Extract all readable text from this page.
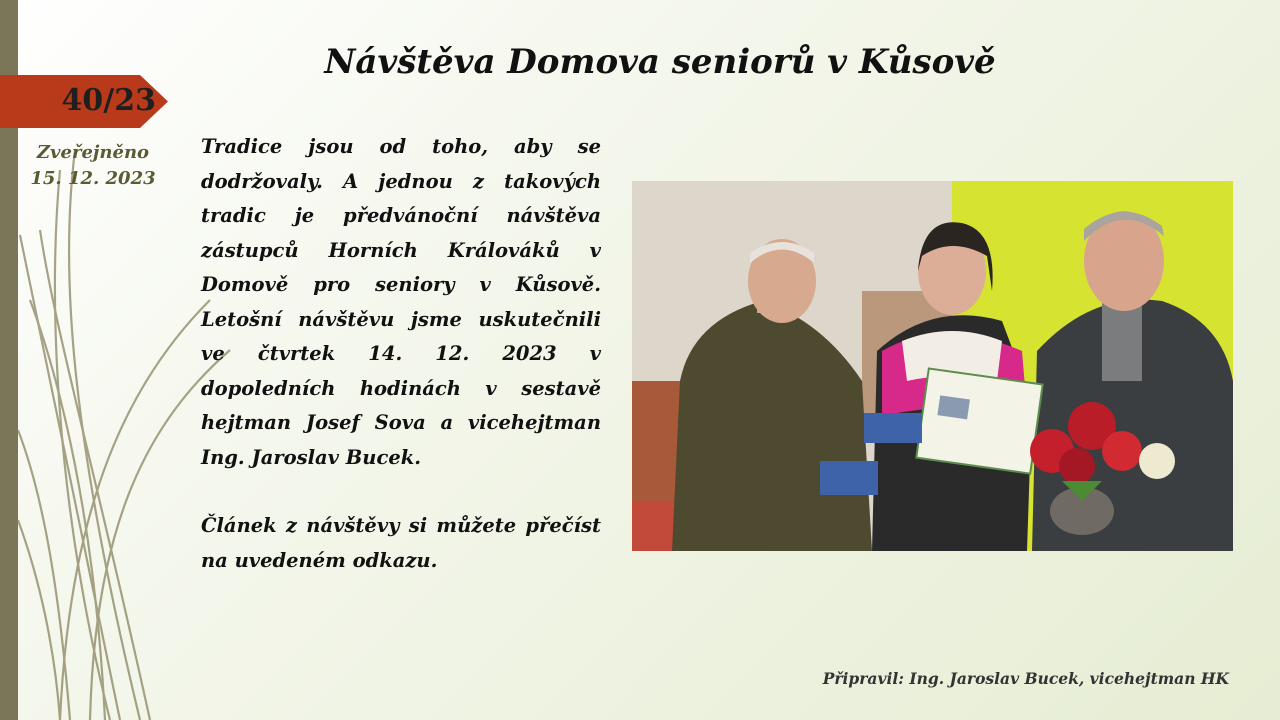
40/23
Zveřejněno
15. 12. 2023
Návštěva Domova seniorů v Kůsově

Tradice jsou od toho, aby se dodržovaly. A jednou z takových tradic je předvánoční návštěva zástupců Horních Králováků v Domově pro seniory v Kůsově. Letošní návštěvu jsme uskutečnili ve čtvrtek 14. 12. 2023 v dopoledních hodinách v sestavě hejtman Josef Sova a vicehejtman Ing. Jaroslav Bucek.

Článek z návštěvy si můžete přečíst na uvedeném odkazu.

Připravil: Ing. Jaroslav Bucek, vicehejtman HK
